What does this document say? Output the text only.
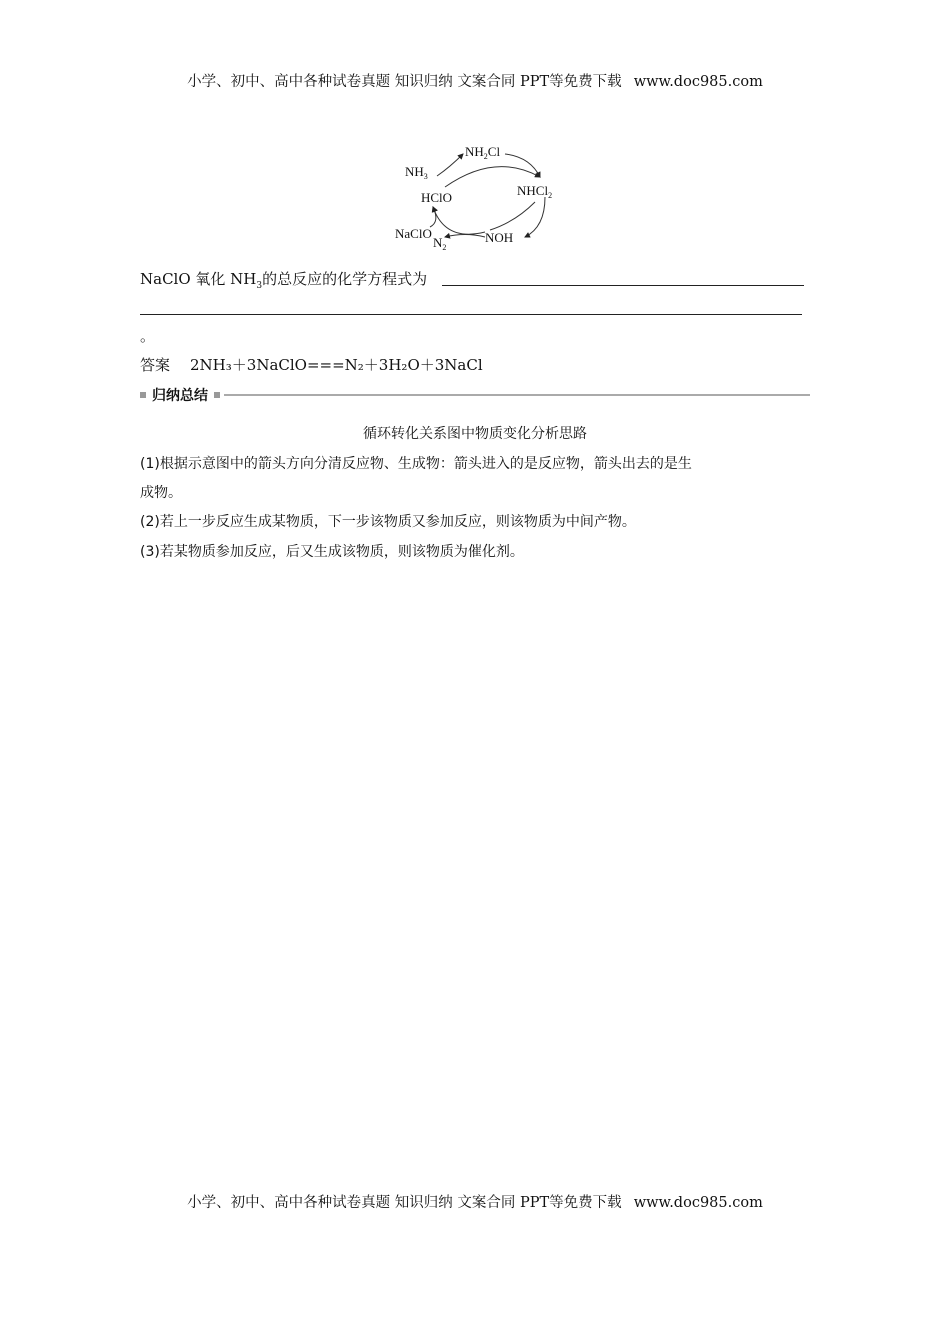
小学、初中、高中各种试卷真题 知识归纳 文案合同 PPT等免费下载 www.doc985.com
$NH_3$
$NH_2Cl$
NHCl$_2$
HClO
NaClO
$N_2$
NOH
NaClO 氧化 $NH_3$的总反应的化学方程式为
。
答案 2NH₃＋3NaClO===N₂＋3H₂O＋3NaCl
归纳总结
循环转化关系图中物质变化分析思路
(1)根据示意图中的箭头方向分清反应物、生成物：箭头进入的是反应物，箭头出去的是生
成物。
(2)若上一步反应生成某物质，下一步该物质又参加反应，则该物质为中间产物。
(3)若某物质参加反应，后又生成该物质，则该物质为催化剂。
小学、初中、高中各种试卷真题 知识归纳 文案合同 PPT等免费下载 www.doc985.com
